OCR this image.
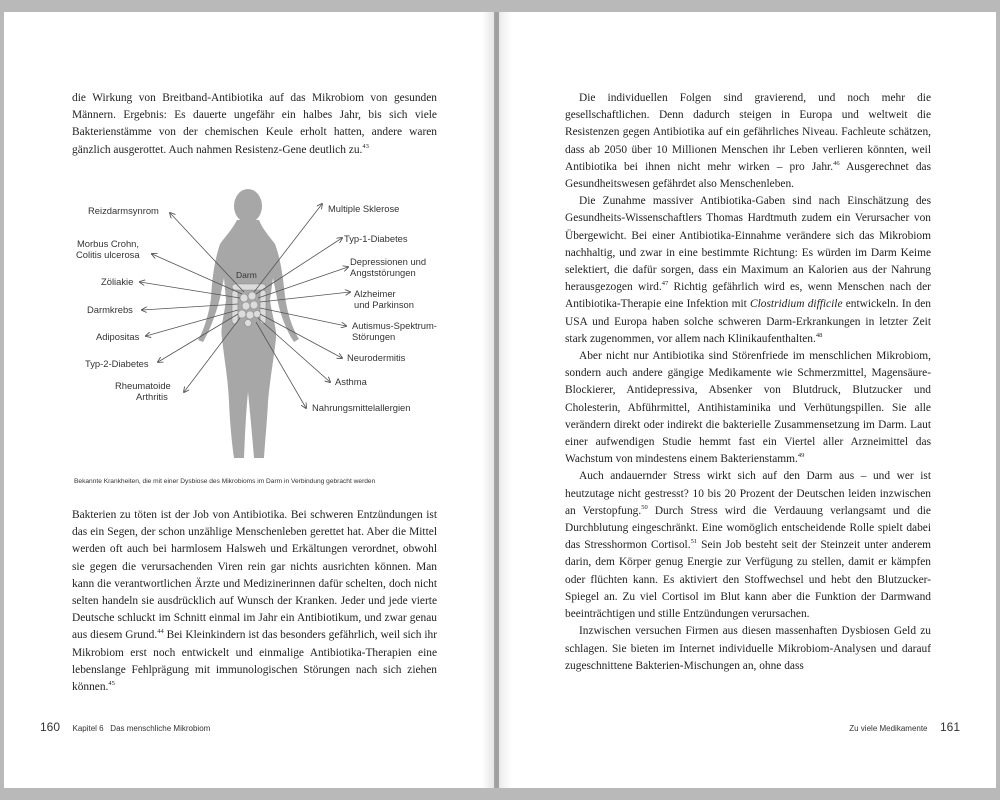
die Wirkung von Breitband-Antibiotika auf das Mikrobiom von gesunden Männern. Ergebnis: Es dauerte ungefähr ein halbes Jahr, bis sich viele Bakterienstämme von der chemischen Keule erholt hatten, andere waren gänzlich ausgerottet. Auch nahmen Resistenz-Gene deutlich zu.$^{43}$

Darm
Reizdarmsynrom
Morbus Crohn,
Colitis ulcerosa
Zöliakie
Darmkrebs
Adipositas
Typ-2-Diabetes
Rheumatoide
Arthritis
Multiple Sklerose
Typ-1-Diabetes
Depressionen und
Angststörungen
Alzheimer
und Parkinson
Autismus-Spektrum-
Störungen
Neurodermitis
Asthma
Nahrungsmittelallergien
Bekannte Krankheiten, die mit einer Dysbiose des Mikrobioms im Darm in Verbindung gebracht werden

Bakterien zu töten ist der Job von Antibiotika. Bei schweren Entzündungen ist das ein Segen, der schon unzählige Menschenleben gerettet hat. Aber die Mittel werden oft auch bei harmlosem Halsweh und Erkältungen verordnet, obwohl sie gegen die verursachenden Viren rein gar nichts ausrichten können. Man kann die verantwortlichen Ärzte und Medizinerinnen dafür schelten, doch nicht selten handeln sie ausdrücklich auf Wunsch der Kranken. Jeder und jede vierte Deutsche schluckt im Schnitt einmal im Jahr ein Antibiotikum, und zwar genau aus diesem Grund.$^{44}$ Bei Kleinkindern ist das besonders gefährlich, weil sich ihr Mikrobiom erst noch entwickelt und einmalige Antibiotika-Therapien eine lebenslange Fehlprägung mit immunologischen Störungen nach sich ziehen können.$^{45}$

160 Kapitel 6   Das menschliche Mikrobiom

Die individuellen Folgen sind gravierend, und noch mehr die gesellschaftlichen. Denn dadurch steigen in Europa und weltweit die Resistenzen gegen Antibiotika auf ein gefährliches Niveau. Fachleute schätzen, dass ab 2050 über 10 Millionen Menschen ihr Leben verlieren könnten, weil Antibiotika bei ihnen nicht mehr wirken – pro Jahr.$^{46}$ Ausgerechnet das Gesundheitswesen gefährdet also Menschenleben.

Die Zunahme massiver Antibiotika-Gaben sind nach Einschätzung des Gesundheits-Wissenschaftlers Thomas Hardtmuth zudem ein Verursacher von Übergewicht. Bei einer Antibiotika-Einnahme veränderе sich das Mikrobiom nachhaltig, und zwar in eine bestimmte Richtung: Es würden im Darm Keime selektiert, die dafür sorgen, dass ein Maximum an Kalorien aus der Nahrung herausgezogen wird.$^{47}$ Richtig gefährlich wird es, wenn Menschen nach der Antibiotika-Therapie eine Infektion mit Clostridium difficile entwickeln. In den USA und Europa haben solche schweren Darm-Erkrankungen in letzter Zeit stark zugenommen, vor allem nach Klinikaufenthalten.$^{48}$

Aber nicht nur Antibiotika sind Störenfriede im menschlichen Mikrobiom, sondern auch andere gängige Medikamente wie Schmerzmittel, Magensäure-Blockierer, Antidepressiva, Absenker von Blutdruck, Blutzucker und Cholesterin, Abführmittel, Antihistaminika und Verhütungspillen. Sie alle verändern direkt oder indirekt die bakterielle Zusammensetzung im Darm. Laut einer aufwendigen Studie hemmt fast ein Viertel aller Arzneimittel das Wachstum von mindestens einem Bakterienstamm.$^{49}$

Auch andauernder Stress wirkt sich auf den Darm aus – und wer ist heutzutage nicht gestresst? 10 bis 20 Prozent der Deutschen leiden inzwischen an Verstopfung.$^{50}$ Durch Stress wird die Verdauung verlangsamt und die Durchblutung eingeschränkt. Eine womöglich entscheidende Rolle spielt dabei das Stresshormon Cortisol.$^{51}$ Sein Job besteht seit der Steinzeit unter anderem darin, dem Körper genug Energie zur Verfügung zu stellen, damit er kämpfen oder flüchten kann. Es aktiviert den Stoffwechsel und hebt den Blutzucker-Spiegel an. Zu viel Cortisol im Blut kann aber die Funktion der Darmwand beeinträchtigen und stille Entzündungen verursachen.

Inzwischen versuchen Firmen aus diesen massenhaften Dysbiosen Geld zu schlagen. Sie bieten im Internet individuelle Mikrobiom-Analysen und darauf zugeschnittene Bakterien-Mischungen an, ohne dass

Zu viele Medikamente 161
